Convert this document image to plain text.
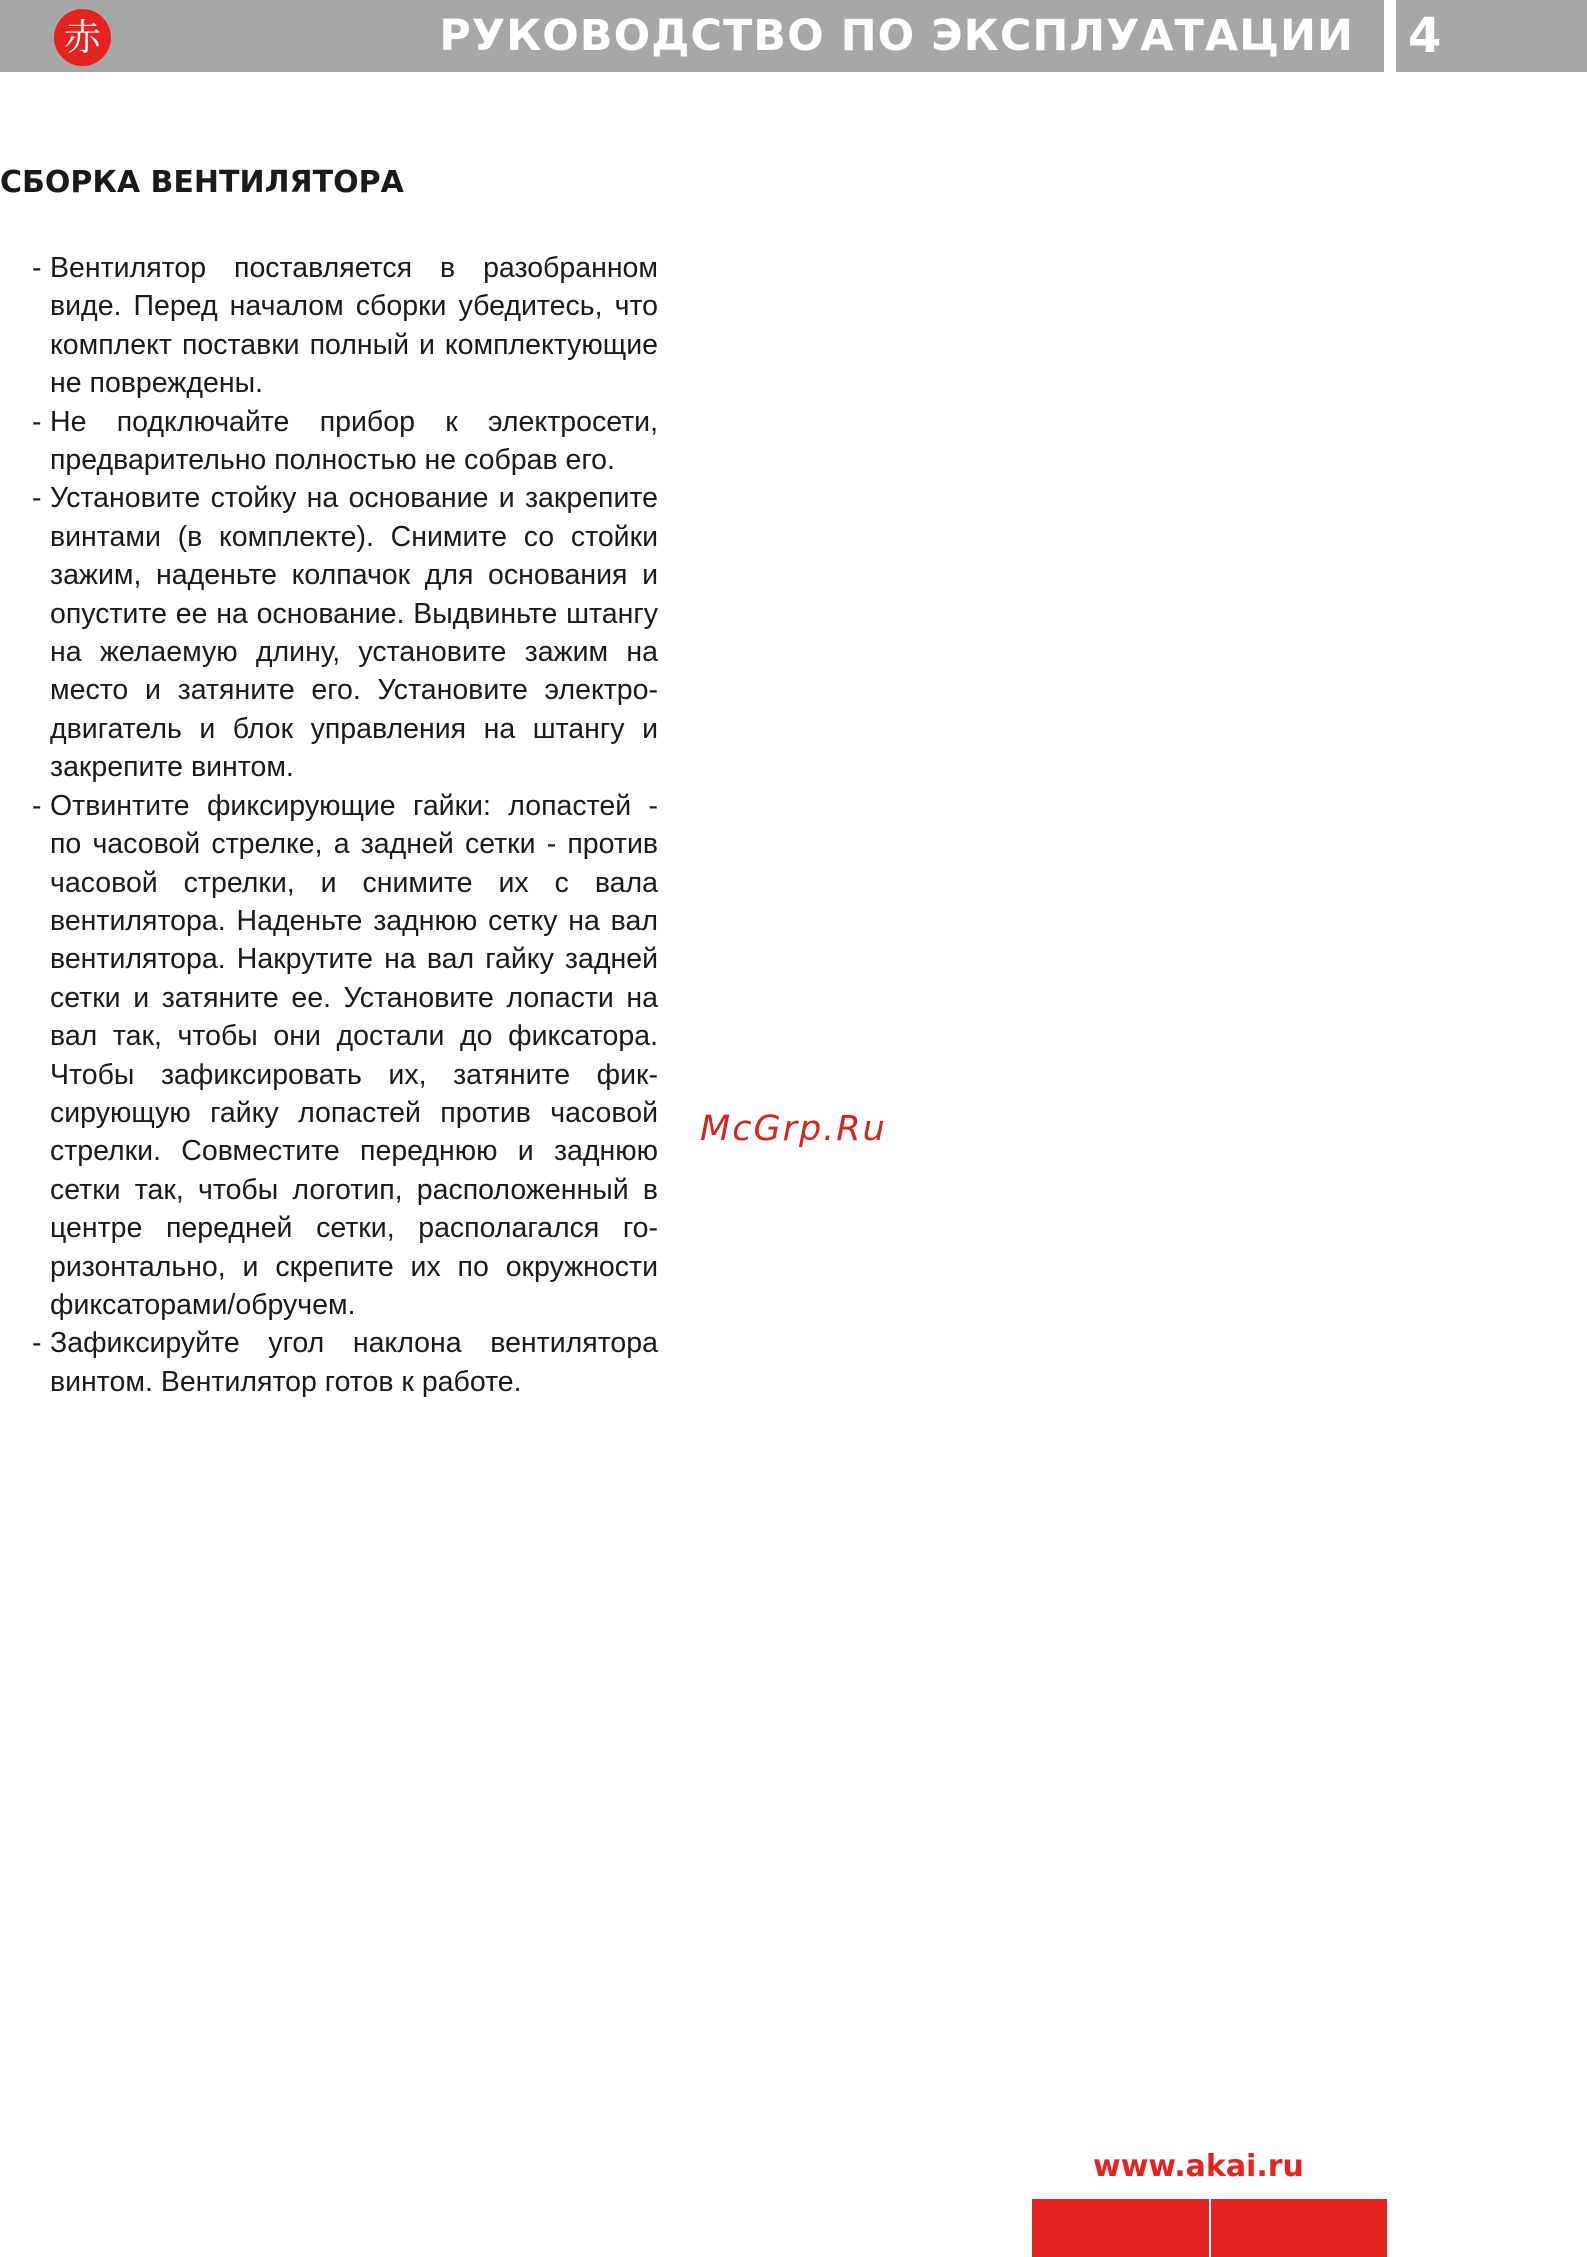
赤	РУКОВОДСТВО ПО ЭКСПЛУАТАЦИИ 4
СБОРКА ВЕНТИЛЯТОРА
- Вентилятор поставляется в разобранном виде. Перед началом сборки убедитесь, что комплект поставки полный и комплектующие не повреждены.
- Не подключайте прибор к электросети, предварительно полностью не собрав его.
- Установите стойку на основание и закрепите винтами (в комплекте). Снимите со стойки зажим, наденьте колпачок для основания и опустите ее на основание. Выдвиньте штангу на желаемую длину, установите зажим на место и затяните его. Установите электродвигатель и блок управления на штангу и закрепите винтом.
- Отвинтите фиксирующие гайки: лопастей - по часовой стрелке, а задней сетки - против часовой стрелки, и снимите их с вала вентилятора. Наденьте заднюю сетку на вал вентилятора. Накрутите на вал гайку задней сетки и затяните ее. Установите лопасти на вал так, чтобы они достали до фиксатора. Чтобы зафиксировать их, затяните фиксирующую гайку лопастей против часовой стрелки. Совместите переднюю и заднюю сетки так, чтобы логотип, расположенный в центре передней сетки, располагался горизонтально, и скрепите их по окружности фиксаторами/обручем.
- Зафиксируйте угол наклона вентилятора винтом. Вентилятор готов к работе.
McGrp.Ru
www.akai.ru
